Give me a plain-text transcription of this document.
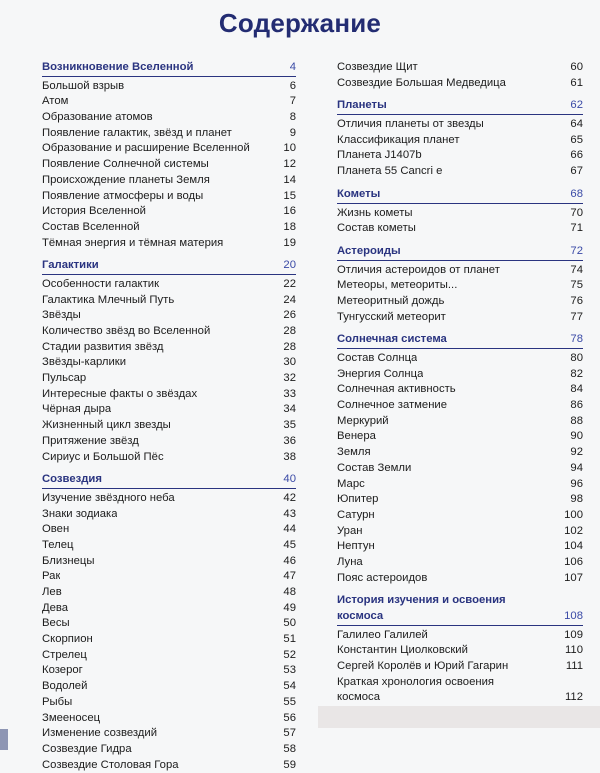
Содержание
Возникновение Вселенной	4
Большой взрыв	6
Атом	7
Образование атомов	8
Появление галактик, звёзд и планет	9
Образование и расширение Вселенной	10
Появление Солнечной системы	12
Происхождение планеты Земля	14
Появление атмосферы и воды	15
История Вселенной	16
Состав Вселенной	18
Тёмная энергия и тёмная материя	19
Галактики	20
Особенности галактик	22
Галактика Млечный Путь	24
Звёзды	26
Количество звёзд во Вселенной	28
Стадии развития звёзд	28
Звёзды-карлики	30
Пульсар	32
Интересные факты о звёздах	33
Чёрная дыра	34
Жизненный цикл звезды	35
Притяжение звёзд	36
Сириус и Большой Пёс	38
Созвездия	40
Изучение звёздного неба	42
Знаки зодиака	43
Овен	44
Телец	45
Близнецы	46
Рак	47
Лев	48
Дева	49
Весы	50
Скорпион	51
Стрелец	52
Козерог	53
Водолей	54
Рыбы	55
Змееносец	56
Изменение созвездий	57
Созвездие Гидра	58
Созвездие Столовая Гора	59
Созвездие Щит	60
Созвездие Большая Медведица	61
Планеты	62
Отличия планеты от звезды	64
Классификация планет	65
Планета J1407b	66
Планета 55 Cancri e	67
Кометы	68
Жизнь кометы	70
Состав кометы	71
Астероиды	72
Отличия астероидов от планет	74
Метеоры, метеориты...	75
Метеоритный дождь	76
Тунгусский метеорит	77
Солнечная система	78
Состав Солнца	80
Энергия Солнца	82
Солнечная активность	84
Солнечное затмение	86
Меркурий	88
Венера	90
Земля	92
Состав Земли	94
Марс	96
Юпитер	98
Сатурн	100
Уран	102
Нептун	104
Луна	106
Пояс астероидов	107
История изучения и освоения космоса	108
Галилео Галилей	109
Константин Циолковский	110
Сергей Королёв и Юрий Гагарин	111
Краткая хронология освоения космоса	112
